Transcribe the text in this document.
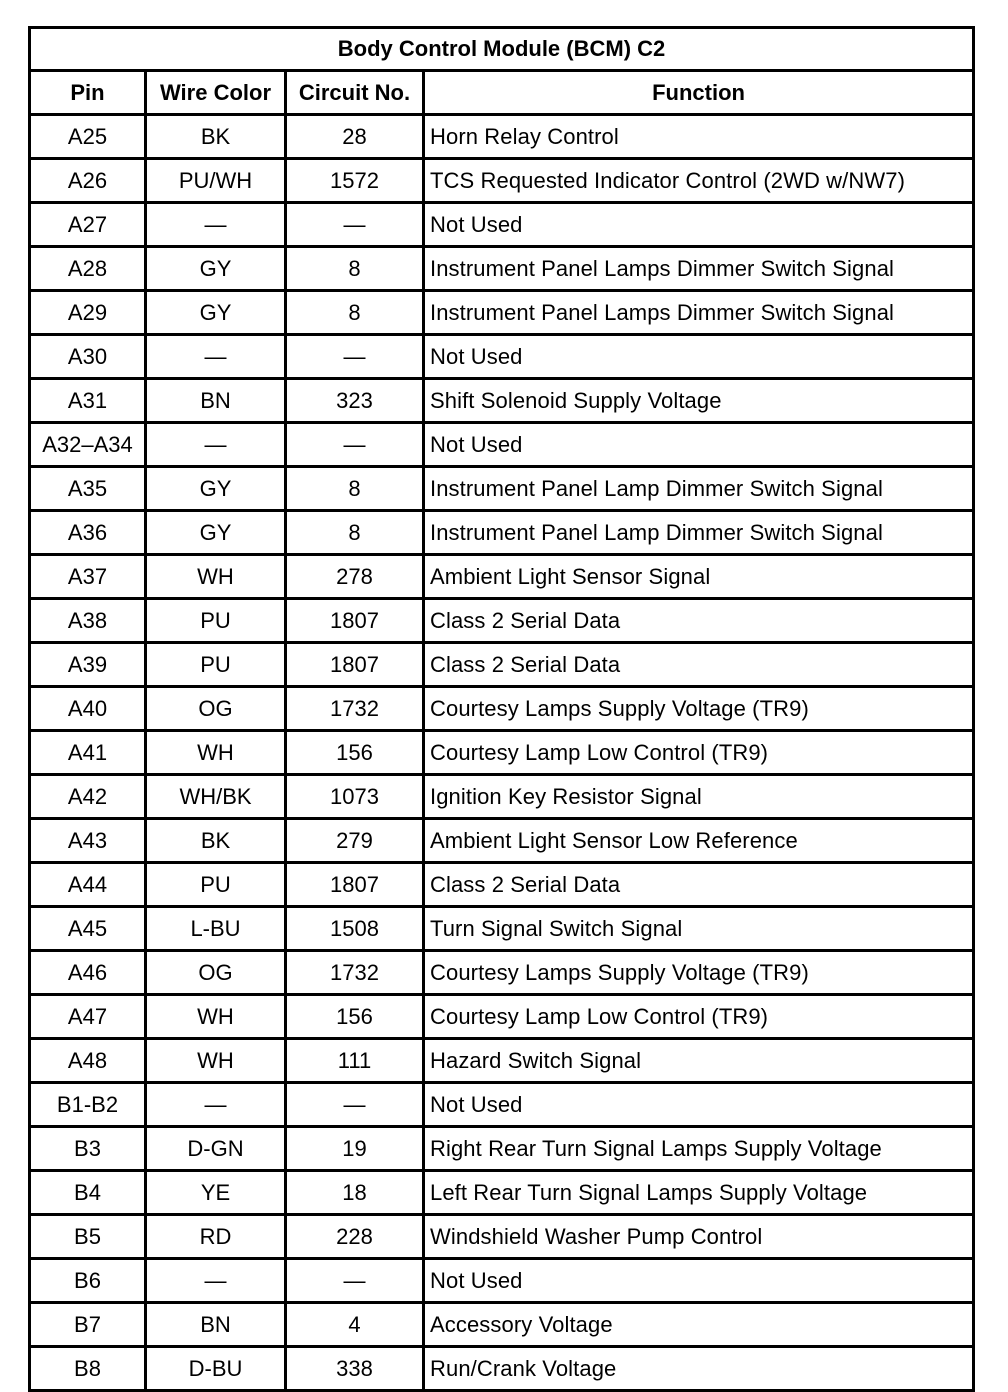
Body Control Module (BCM) C2			
Pin	Wire Color	Circuit No.	Function
A25	BK	28	Horn Relay Control
A26	PU/WH	1572	TCS Requested Indicator Control (2WD w/NW7)
A27	—	—	Not Used
A28	GY	8	Instrument Panel Lamps Dimmer Switch Signal
A29	GY	8	Instrument Panel Lamps Dimmer Switch Signal
A30	—	—	Not Used
A31	BN	323	Shift Solenoid Supply Voltage
A32–A34	—	—	Not Used
A35	GY	8	Instrument Panel Lamp Dimmer Switch Signal
A36	GY	8	Instrument Panel Lamp Dimmer Switch Signal
A37	WH	278	Ambient Light Sensor Signal
A38	PU	1807	Class 2 Serial Data
A39	PU	1807	Class 2 Serial Data
A40	OG	1732	Courtesy Lamps Supply Voltage (TR9)
A41	WH	156	Courtesy Lamp Low Control (TR9)
A42	WH/BK	1073	Ignition Key Resistor Signal
A43	BK	279	Ambient Light Sensor Low Reference
A44	PU	1807	Class 2 Serial Data
A45	L-BU	1508	Turn Signal Switch Signal
A46	OG	1732	Courtesy Lamps Supply Voltage (TR9)
A47	WH	156	Courtesy Lamp Low Control (TR9)
A48	WH	111	Hazard Switch Signal
B1-B2	—	—	Not Used
B3	D-GN	19	Right Rear Turn Signal Lamps Supply Voltage
B4	YE	18	Left Rear Turn Signal Lamps Supply Voltage
B5	RD	228	Windshield Washer Pump Control
B6	—	—	Not Used
B7	BN	4	Accessory Voltage
B8	D-BU	338	Run/Crank Voltage
